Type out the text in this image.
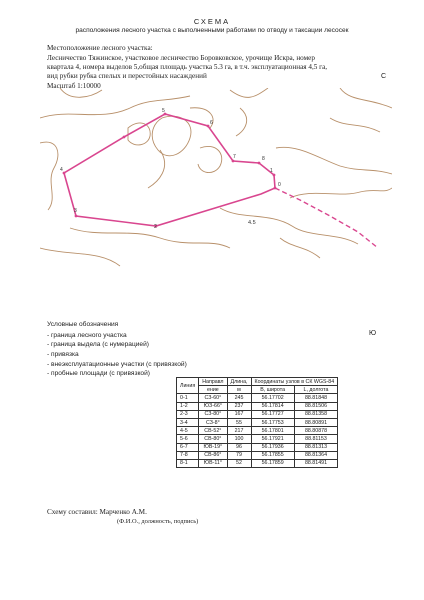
СХЕМА
расположения лесного участка с выполненными работами по отводу и таксации лесосек
Местоположение лесного участка:
Лесничество Тяжинское, участковое лесничество Боровковское, урочище Искра, номер
квартала 4, номера выделов 5,общая площадь участка 5.3 га, в т.ч. эксплуатационная 4,5 га,
вид рубки рубка спелых и перестойных насаждений
Масштаб 1:10000
С
0
1
2
3
4
5
6
7	8
4.5
Условные обозначения
Ю
- граница лесного участка
- граница выдела (с нумерацией)
- привязка
- внеэксплуатационные участки (с привязкой)
- пробные площади (с привязкой)
Линия	Направл	Длина,	Координаты узлов в СК WGS-84	
	ение	м	B, широта	L, долгота
0-1	СЗ-60°	245	56.17702	88.81848
1-2	ЮЗ-66°	237	56.17814	88.81506
2-3	СЗ-80°	167	56.17727	88.81358
3-4	СЗ-8°	55	56.17753	88.80891
4-5	СВ-52°	217	56.17801	88.80878
5-6	СВ-80°	100	56.17921	88.81153
6-7	ЮВ-19°	96	56.17936	88.81313
7-8	СВ-86°	79	56.17855	88.81364
8-1	ЮВ-11°	52	56.17859	88.81491
Схему составил: Марченко А.М.
(Ф.И.О., должность, подпись)
